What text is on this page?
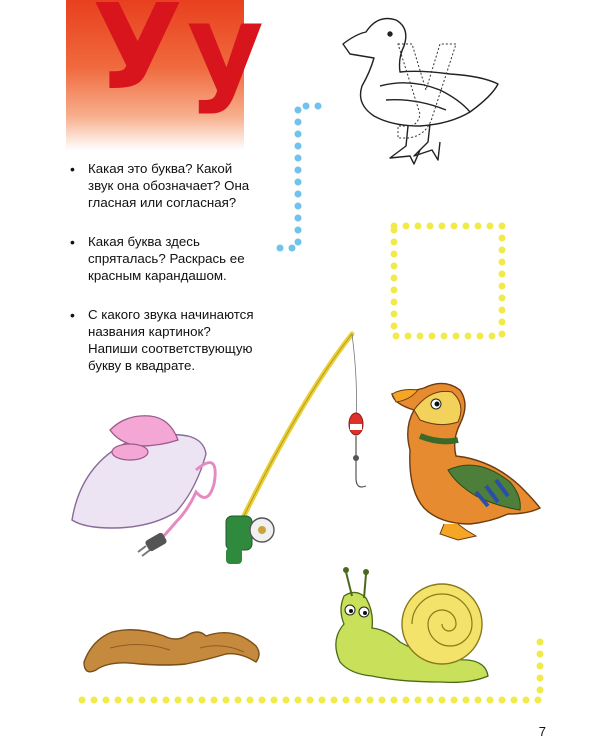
Уу
• Какая это буква? Какой звук она обозначает? Она гласная или согласная?
• Какая буква здесь спряталась? Раскрась ее красным карандашом.
• С какого звука начинаются названия картинок? Напиши соответствующую букву в квадрате.
7
